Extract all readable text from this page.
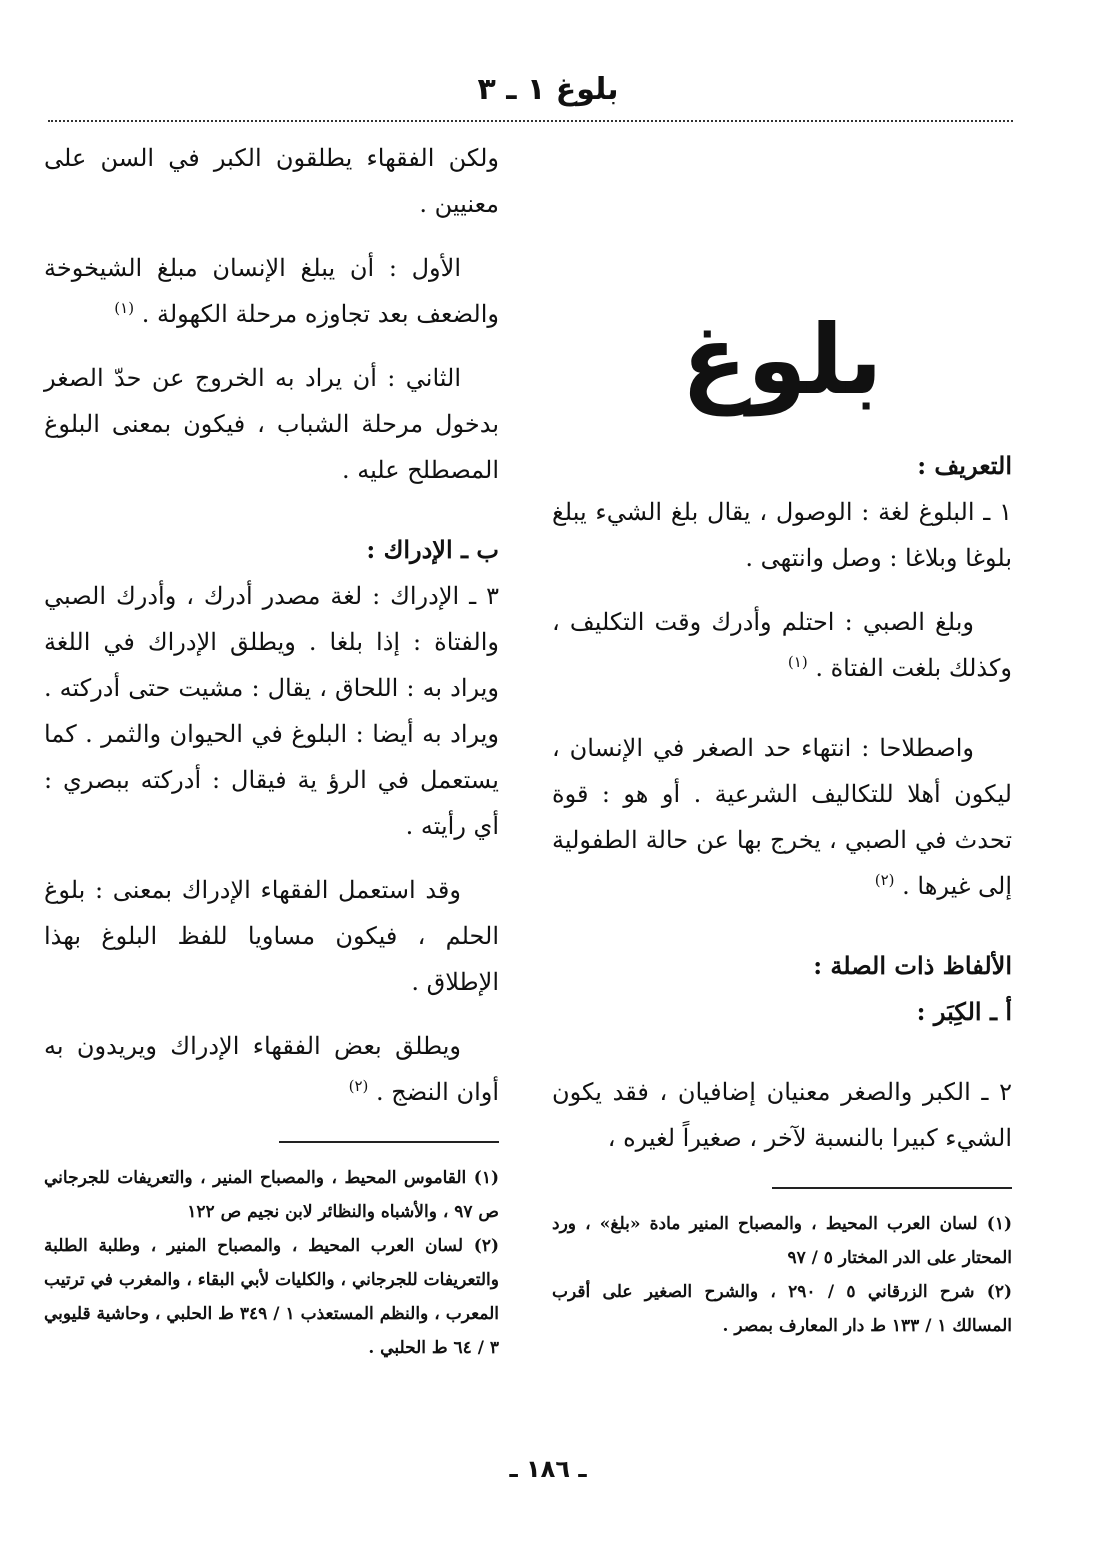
بلوغ ١ ـ ٣
بلوغ
التعريف :

١ ـ البلوغ لغة : الوصول ، يقال بلغ الشيء يبلغ بلوغا وبلاغا : وصل وانتهى .

وبلغ الصبي : احتلم وأدرك وقت التكليف ، وكذلك بلغت الفتاة . $^{(١)}$

واصطلاحا : انتهاء حد الصغر في الإنسان ، ليكون أهلا للتكاليف الشرعية . أو هو : قوة تحدث في الصبي ، يخرج بها عن حالة الطفولية إلى غيرها . $^{(٢)}$

الألفاظ ذات الصلة :
أ ـ الكِبَر :

٢ ـ الكبر والصغر معنيان إضافيان ، فقد يكون الشيء كبيرا بالنسبة لآخر ، صغيراً لغيره ،

(١) لسان العرب المحيط ، والمصباح المنير مادة «بلغ» ، ورد المحتار على الدر المختار ٥ / ٩٧

(٢) شرح الزرقاني ٥ / ٢٩٠ ، والشرح الصغير على أقرب المسالك ١ / ١٣٣ ط دار المعارف بمصر .

ولكن الفقهاء يطلقون الكبر في السن على معنيين .

الأول : أن يبلغ الإنسان مبلغ الشيخوخة والضعف بعد تجاوزه مرحلة الكهولة . $^{(١)}$

الثاني : أن يراد به الخروج عن حدّ الصغر بدخول مرحلة الشباب ، فيكون بمعنى البلوغ المصطلح عليه .

ب ـ الإدراك :

٣ ـ الإدراك : لغة مصدر أدرك ، وأدرك الصبي والفتاة : إذا بلغا . ويطلق الإدراك في اللغة ويراد به : اللحاق ، يقال : مشيت حتى أدركته . ويراد به أيضا : البلوغ في الحيوان والثمر . كما يستعمل في الرؤ ية فيقال : أدركته ببصري : أي رأيته .

وقد استعمل الفقهاء الإدراك بمعنى : بلوغ الحلم ، فيكون مساويا للفظ البلوغ بهذا الإطلاق .

ويطلق بعض الفقهاء الإدراك ويريدون به أوان النضج . $^{(٢)}$

(١) القاموس المحيط ، والمصباح المنير ، والتعريفات للجرجاني ص ٩٧ ، والأشباه والنظائر لابن نجيم ص ١٢٢

(٢) لسان العرب المحيط ، والمصباح المنير ، وطلبة الطلبة والتعريفات للجرجاني ، والكليات لأبي البقاء ، والمغرب في ترتيب المعرب ، والنظم المستعذب ١ / ٣٤٩ ط الحلبي ، وحاشية قليوبي ٣ / ٦٤ ط الحلبي .

ـ ١٨٦ ـ
